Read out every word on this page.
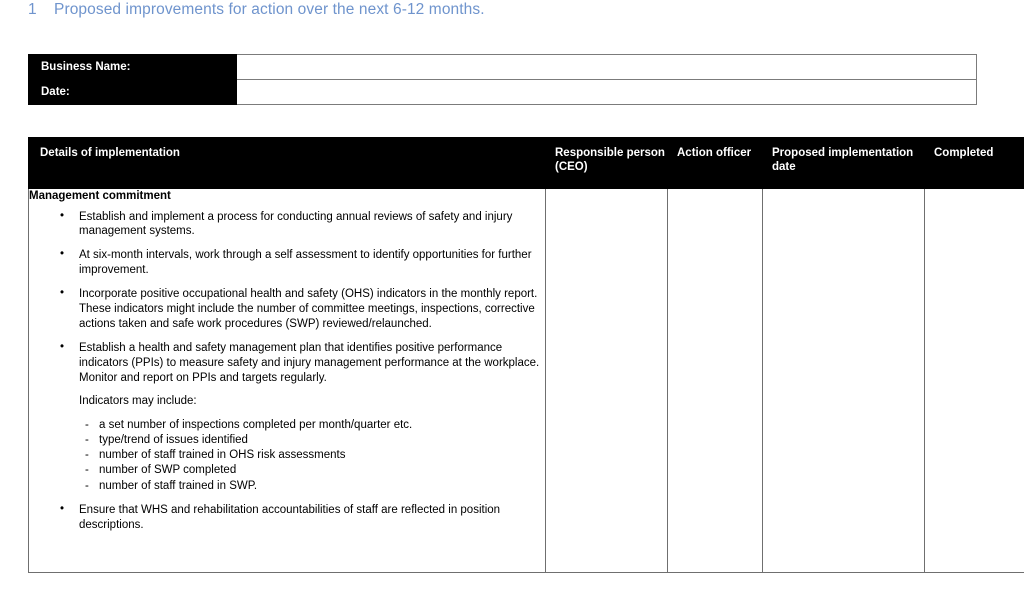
1 Proposed improvements for action over the next 6-12 months.
Business Name:	
Date:	
Details of implementation	Responsible person (CEO)	Action officer	Proposed implementation date	Completed

Management commitment
• Establish and implement a process for conducting annual reviews of safety and injury management systems.
• At six-month intervals, work through a self assessment to identify opportunities for further improvement.
• Incorporate positive occupational health and safety (OHS) indicators in the monthly report. These indicators might include the number of committee meetings, inspections, corrective actions taken and safe work procedures (SWP) reviewed/relaunched.
• Establish a health and safety management plan that identifies positive performance indicators (PPIs) to measure safety and injury management performance at the workplace. Monitor and report on PPIs and targets regularly.
Indicators may include:
- a set number of inspections completed per month/quarter etc.
- type/trend of issues identified
- number of staff trained in OHS risk assessments
- number of SWP completed
- number of staff trained in SWP.
• Ensure that WHS and rehabilitation accountabilities of staff are reflected in position descriptions.
